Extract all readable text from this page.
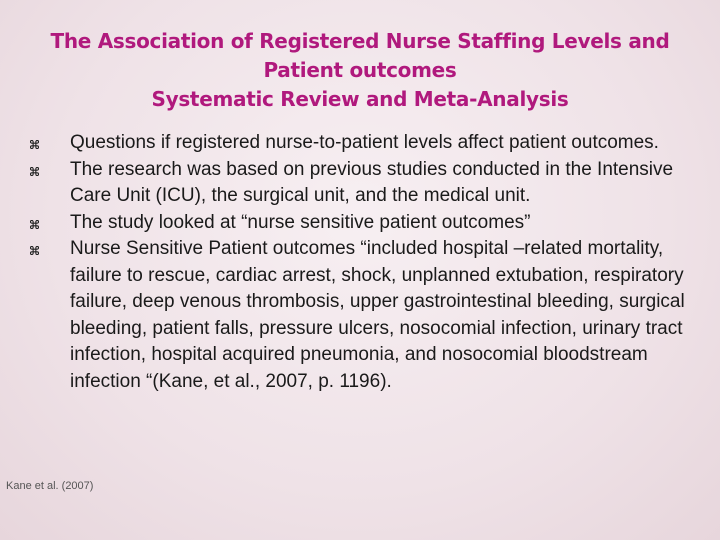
The Association of Registered Nurse Staffing Levels and
Patient outcomes
Systematic Review and Meta-Analysis
Questions if registered nurse-to-patient levels affect patient outcomes.
The research was based on previous studies conducted in the Intensive Care Unit (ICU), the surgical unit, and the medical unit.
The study looked at “nurse sensitive patient outcomes”
Nurse Sensitive Patient outcomes “included hospital –related mortality, failure to rescue, cardiac arrest, shock, unplanned extubation, respiratory failure, deep venous thrombosis, upper gastrointestinal bleeding, surgical bleeding, patient falls, pressure ulcers, nosocomial infection, urinary tract infection, hospital acquired pneumonia, and nosocomial bloodstream infection “(Kane, et al., 2007, p. 1196).
Kane et al. (2007)
